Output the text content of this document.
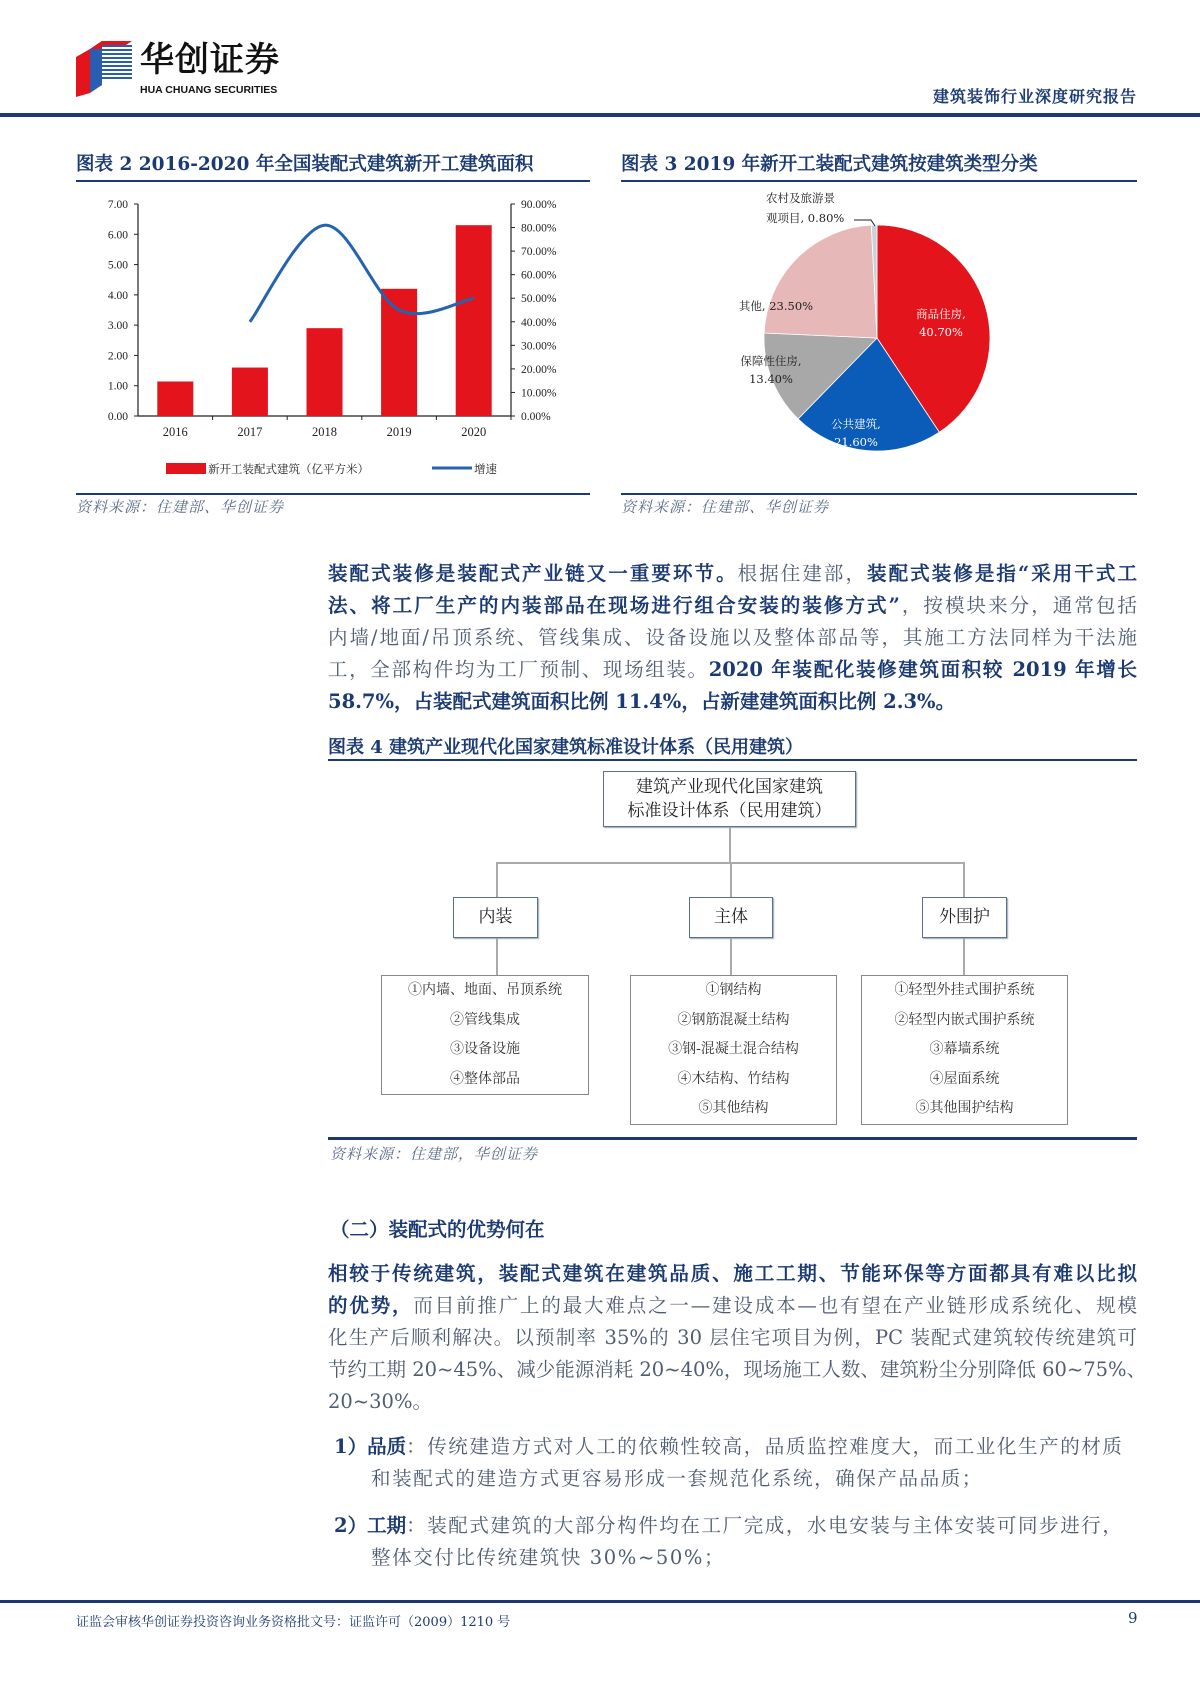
华创证券
HUA CHUANG SECURITIES	建筑装饰行业深度研究报告
图表 2 2016-2020 年全国装配式建筑新开工建筑面积
0.00
1.00
2.00
3.00
4.00
5.00
6.00
7.00
0.00%
10.00%
20.00%
30.00%
40.00%
50.00%
60.00%
70.00%
80.00%
90.00%
2016	2017	2018	2019	2020
新开工装配式建筑（亿平方米）	增速
资料来源：住建部、华创证券
图表 3 2019 年新开工装配式建筑按建筑类型分类
商品住房,
40.70%
公共建筑,
21.60%
保障性住房,
13.40%
其他, 23.50%
农村及旅游景
观项目, 0.80%
资料来源：住建部、华创证券
装配式装修是装配式产业链又一重要环节。根据住建部，装配式装修是指“采用干式工
法、将工厂生产的内装部品在现场进行组合安装的装修方式”，按模块来分，通常包括
内墙/地面/吊顶系统、管线集成、设备设施以及整体部品等，其施工方法同样为干法施
工，全部构件均为工厂预制、现场组装。2020 年装配化装修建筑面积较 2019 年增长
58.7%，占装配式建筑面积比例 11.4%，占新建建筑面积比例 2.3%。
图表 4 建筑产业现代化国家建筑标准设计体系（民用建筑）
建筑产业现代化国家建筑
标准设计体系（民用建筑）
内装	主体	外围护
①内墙、地面、吊顶系统
②管线集成
③设备设施
④整体部品
①钢结构
②钢筋混凝土结构
③钢-混凝土混合结构
④木结构、竹结构
⑤其他结构
①轻型外挂式围护系统
②轻型内嵌式围护系统
③幕墙系统
④屋面系统
⑤其他围护结构
资料来源：住建部，华创证券
（二）装配式的优势何在
相较于传统建筑，装配式建筑在建筑品质、施工工期、节能环保等方面都具有难以比拟
的优势，而目前推广上的最大难点之一—建设成本—也有望在产业链形成系统化、规模
化生产后顺利解决。以预制率 35%的 30 层住宅项目为例，PC 装配式建筑较传统建筑可
节约工期 20~45%、减少能源消耗 20~40%，现场施工人数、建筑粉尘分别降低 60~75%、
20~30%。
证监会审核华创证券投资咨询业务资格批文号：证监许可（2009）1210 号	9
1）品质：传统建造方式对人工的依赖性较高，品质监控难度大，而工业化生产的材质
和装配式的建造方式更容易形成一套规范化系统，确保产品品质；
2）工期：装配式建筑的大部分构件均在工厂完成，水电安装与主体安装可同步进行，
整体交付比传统建筑快 30%~50%；
